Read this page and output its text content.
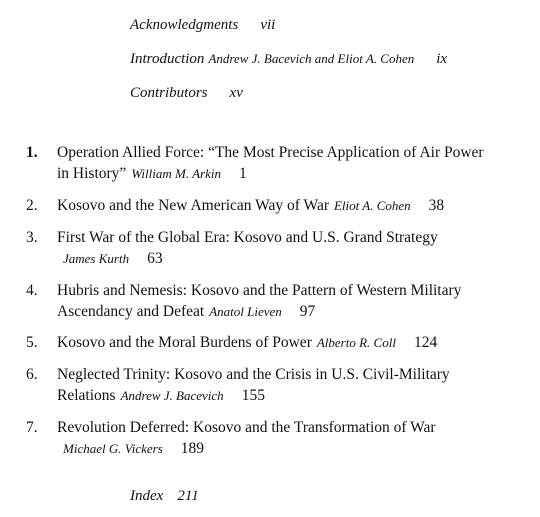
Acknowledgments vii
Introduction Andrew J. Bacevich and Eliot A. Cohen ix
Contributors xv
1. Operation Allied Force: “The Most Precise Application of Air Power
in History” William M. Arkin 1
2. Kosovo and the New American Way of War Eliot A. Cohen 38
3. First War of the Global Era: Kosovo and U.S. Grand Strategy
James Kurth 63
4. Hubris and Nemesis: Kosovo and the Pattern of Western Military
Ascendancy and Defeat Anatol Lieven 97
5. Kosovo and the Moral Burdens of Power Alberto R. Coll 124
6. Neglected Trinity: Kosovo and the Crisis in U.S. Civil-Military
Relations Andrew J. Bacevich 155
7. Revolution Deferred: Kosovo and the Transformation of War
Michael G. Vickers 189
Index 211
